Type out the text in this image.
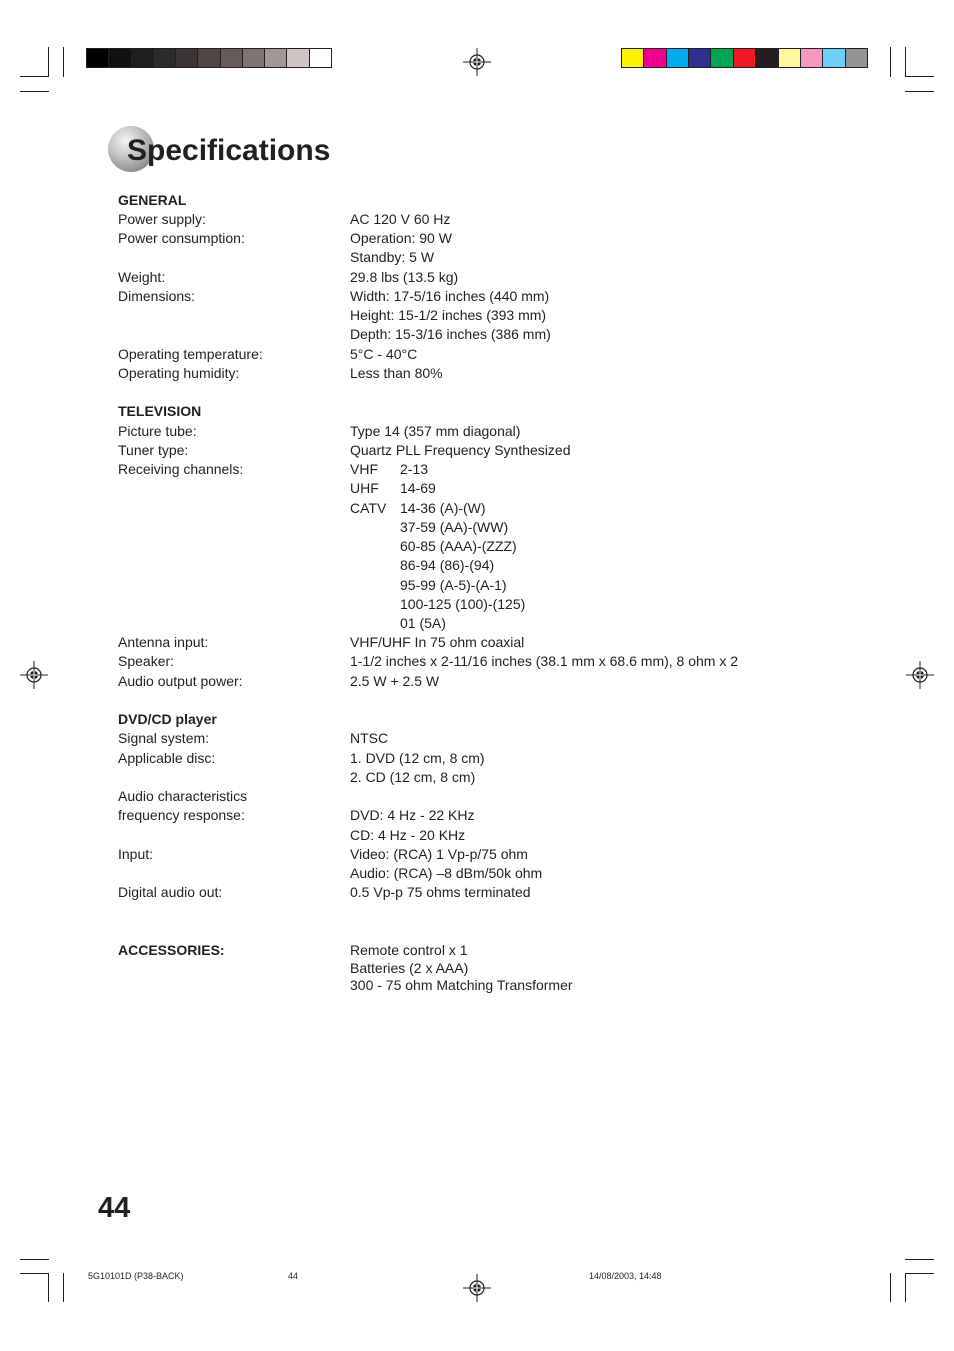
Specifications
GENERAL
Power supply:	AC 120 V 60 Hz
Power consumption:	Operation: 90 W
Standby: 5 W
Weight:	29.8 lbs (13.5 kg)
Dimensions:	Width: 17-5/16 inches (440 mm)
Height: 15-1/2 inches (393 mm)
Depth: 15-3/16 inches (386 mm)
Operating temperature:	5°C - 40°C
Operating humidity:	Less than 80%
TELEVISION
Picture tube:	Type 14 (357 mm diagonal)
Tuner type:	Quartz PLL Frequency Synthesized
Receiving channels:	VHF 2-13
UHF 14-69
CATV 14-36 (A)-(W)
37-59 (AA)-(WW)
60-85 (AAA)-(ZZZ)
86-94 (86)-(94)
95-99 (A-5)-(A-1)
100-125 (100)-(125)
01 (5A)
Antenna input:	VHF/UHF In 75 ohm coaxial
Speaker:	1-1/2 inches x 2-11/16 inches (38.1 mm x 68.6 mm), 8 ohm x 2
Audio output power:	2.5 W + 2.5 W
DVD/CD player
Signal system:	NTSC
Applicable disc:	1. DVD (12 cm, 8 cm)
2. CD (12 cm, 8 cm)
Audio characteristics
frequency response:	DVD: 4 Hz - 22 KHz
CD: 4 Hz - 20 KHz
Input:	Video: (RCA) 1 Vp-p/75 ohm
Audio: (RCA) –8 dBm/50k ohm
Digital audio out:	0.5 Vp-p 75 ohms terminated
ACCESSORIES:	Remote control x 1
Batteries (2 x AAA)
300 - 75 ohm Matching Transformer
44
5G10101D (P38-BACK)	44	14/08/2003, 14:48
